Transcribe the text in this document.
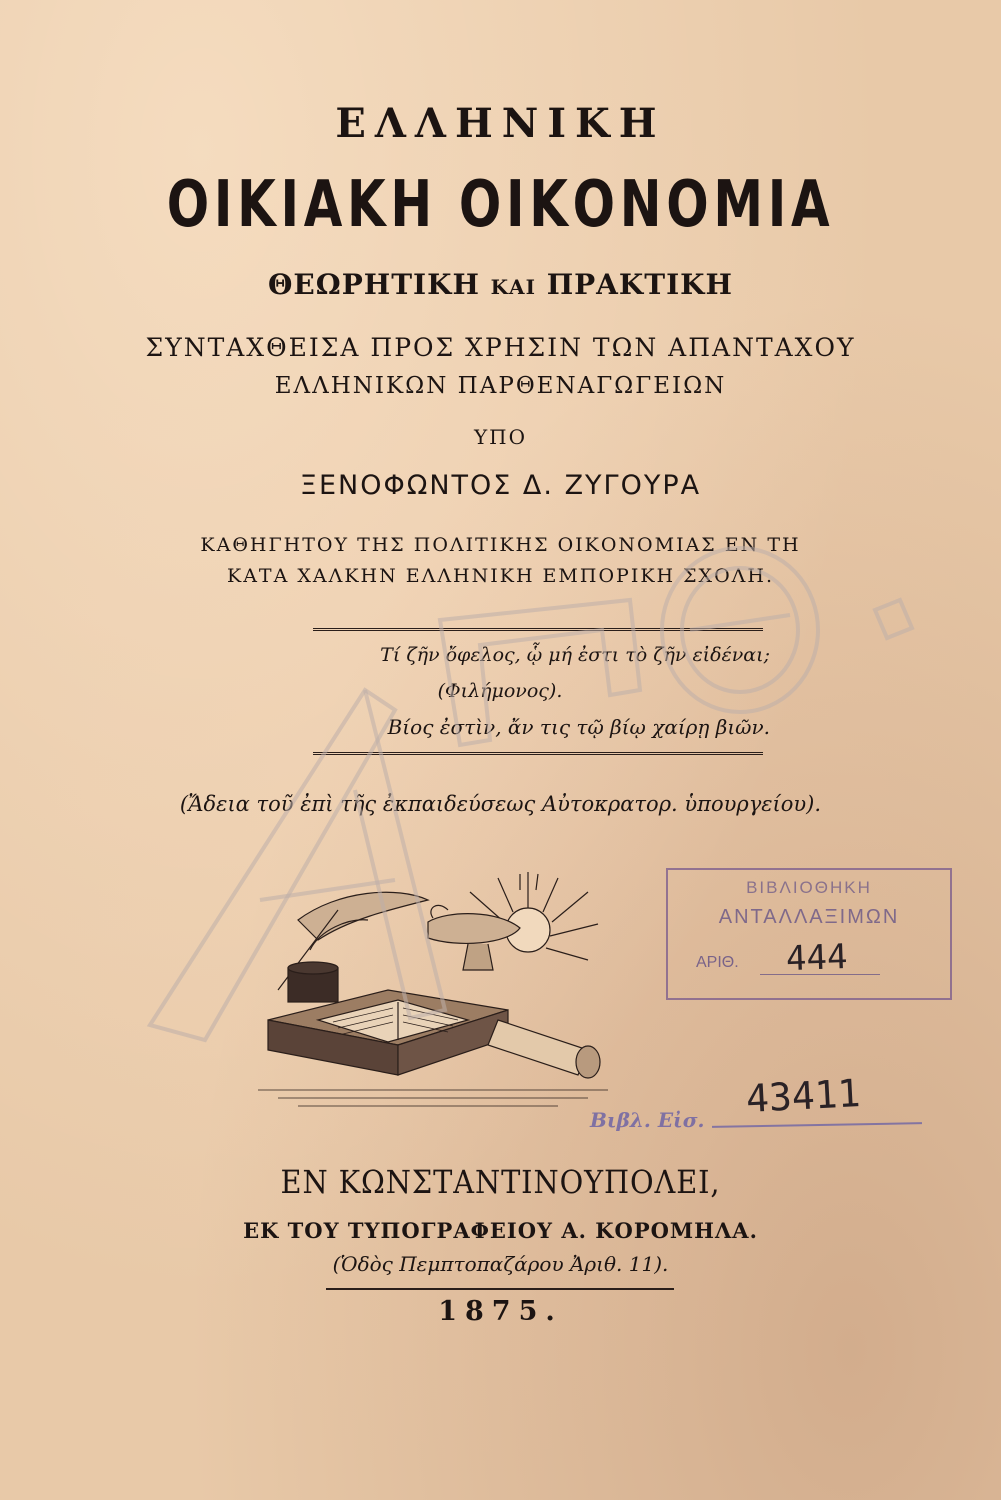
ΕΛΛΗΝΙΚΗ
ΟΙΚΙΑΚΗ ΟΙΚΟΝΟΜΙΑ
ΘΕΩΡΗΤΙΚΗ ΚΑΙ ΠΡΑΚΤΙΚΗ
ΣΥΝΤΑΧΘΕΙΣΑ ΠΡΟΣ ΧΡΗΣΙΝ ΤΩΝ ΑΠΑΝΤΑΧΟΥ
ΕΛΛΗΝΙΚΩΝ ΠΑΡΘΕΝΑΓΩΓΕΙΩΝ
ΥΠΟ
ΞΕΝΟΦΩΝΤΟΣ Δ. ΖΥΓΟΥΡΑ
ΚΑΘΗΓΗΤΟΥ ΤΗΣ ΠΟΛΙΤΙΚΗΣ ΟΙΚΟΝΟΜΙΑΣ ΕΝ ΤΗ
ΚΑΤΑ ΧΑΛΚΗΝ ΕΛΛΗΝΙΚΗ ΕΜΠΟΡΙΚΗ ΣΧΟΛΗ.
Τί ζῆν ὄφελος, ᾧ μή ἐστι τὸ ζῆν εἰδέναι;
(Φιλήμονος).
Βίος ἐστὶν, ἄν τις τῷ βίῳ χαίρῃ βιῶν.
(Ἄδεια τοῦ ἐπὶ τῆς ἐκπαιδεύσεως Αὐτοκρατορ. ὑπουργείου).
ΒΙΒΛΙΟΘΗΚΗ
ΑΝΤΑΛΛΑΞΙΜΩΝ
ΑΡΙΘ. 444
Βιβλ. Εἰσ. 43411
ΕΝ ΚΩΝΣΤΑΝΤΙΝΟΥΠΟΛΕΙ,
ΕΚ ΤΟΥ ΤΥΠΟΓΡΑΦΕΙΟΥ Α. ΚΟΡΟΜΗΛΑ.
(Ὁδὸς Πεμπτοπαζάρου Ἀριθ. 11).
1875.
